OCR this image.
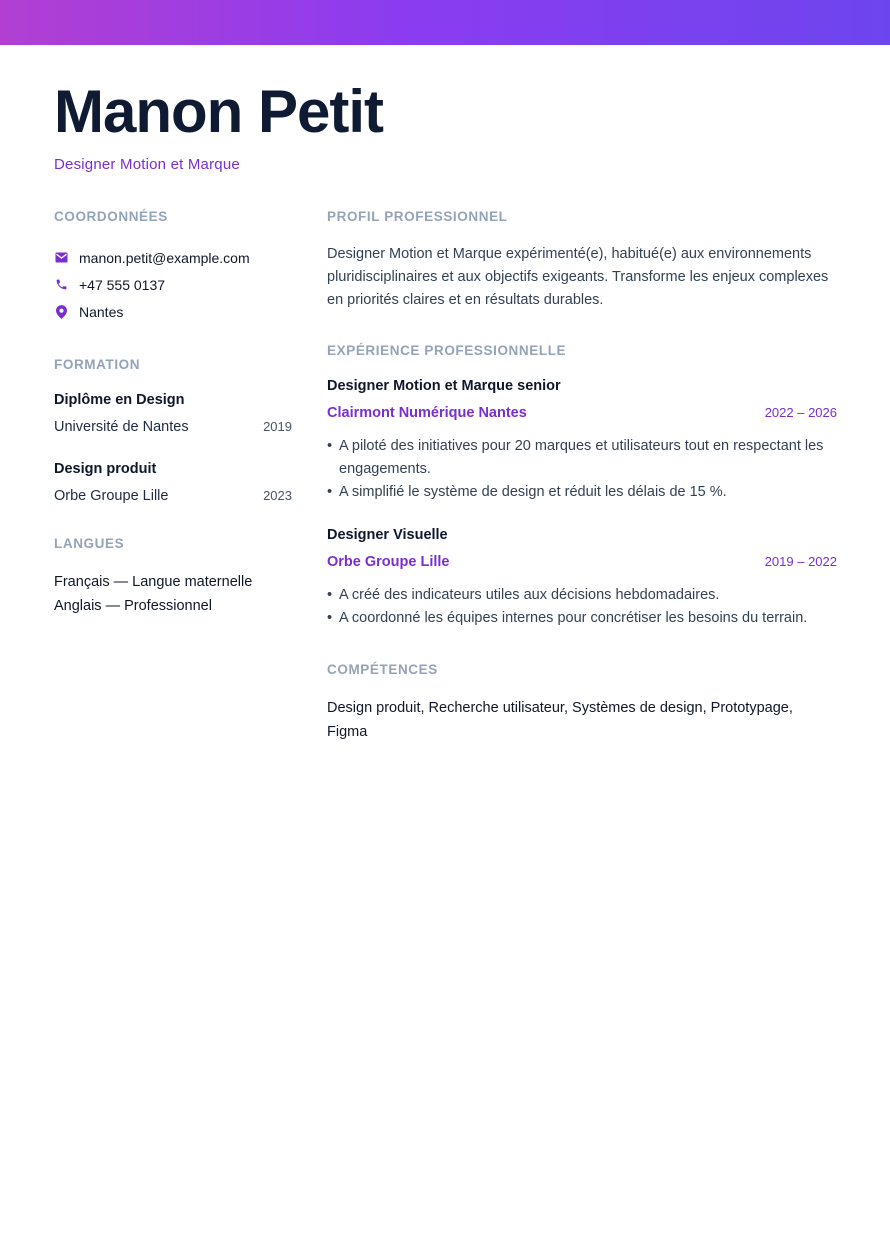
Manon Petit
Designer Motion et Marque
COORDONNÉES
manon.petit@example.com
+47 555 0137
Nantes
FORMATION
Diplôme en Design
Université de Nantes	2019
Design produit
Orbe Groupe Lille	2023
LANGUES
Français — Langue maternelle
Anglais — Professionnel
PROFIL PROFESSIONNEL
Designer Motion et Marque expérimenté(e), habitué(e) aux environnements pluridisciplinaires et aux objectifs exigeants. Transforme les enjeux complexes en priorités claires et en résultats durables.
EXPÉRIENCE PROFESSIONNELLE
Designer Motion et Marque senior
Clairmont Numérique Nantes	2022 – 2026
• A piloté des initiatives pour 20 marques et utilisateurs tout en respectant les engagements.
• A simplifié le système de design et réduit les délais de 15 %.
Designer Visuelle
Orbe Groupe Lille	2019 – 2022
• A créé des indicateurs utiles aux décisions hebdomadaires.
• A coordonné les équipes internes pour concrétiser les besoins du terrain.
COMPÉTENCES
Design produit, Recherche utilisateur, Systèmes de design, Prototypage, Figma
